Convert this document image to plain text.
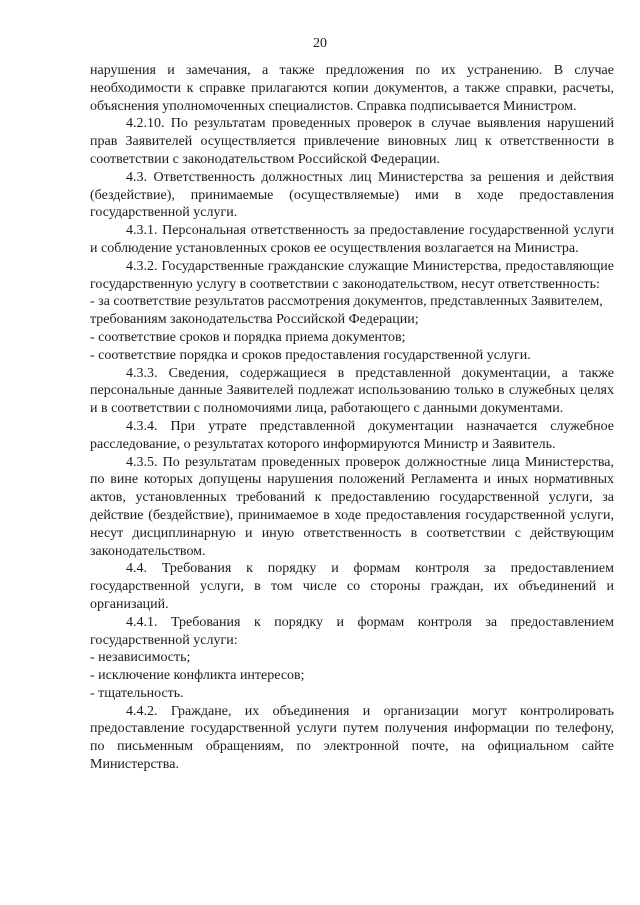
20

нарушения и замечания, а также предложения по их устранению. В случае необходимости к справке прилагаются копии документов, а также справки, расчеты, объяснения уполномоченных специалистов. Справка подписывается Министром.

4.2.10. По результатам проведенных проверок в случае выявления нарушений прав Заявителей осуществляется привлечение виновных лиц к ответственности в соответствии с законодательством Российской Федерации.

4.3. Ответственность должностных лиц Министерства за решения и действия (бездействие), принимаемые (осуществляемые) ими в ходе предоставления государственной услуги.

4.3.1. Персональная ответственность за предоставление государственной услуги и соблюдение установленных сроков ее осуществления возлагается на Министра.

4.3.2. Государственные гражданские служащие Министерства, предоставляющие государственную услугу в соответствии с законодательством, несут ответственность:

- за соответствие результатов рассмотрения документов, представленных Заявителем, требованиям законодательства Российской Федерации;

- соответствие сроков и порядка приема документов;

- соответствие порядка и сроков предоставления государственной услуги.

4.3.3. Сведения, содержащиеся в представленной документации, а также персональные данные Заявителей подлежат использованию только в служебных целях и в соответствии с полномочиями лица, работающего с данными документами.

4.3.4. При утрате представленной документации назначается служебное расследование, о результатах которого информируются Министр и Заявитель.

4.3.5. По результатам проведенных проверок должностные лица Министерства, по вине которых допущены нарушения положений Регламента и иных нормативных актов, установленных требований к предоставлению государственной услуги, за действие (бездействие), принимаемое в ходе предоставления государственной услуги, несут дисциплинарную и иную ответственность в соответствии с действующим законодательством.

4.4. Требования к порядку и формам контроля за предоставлением государственной услуги, в том числе со стороны граждан, их объединений и организаций.

4.4.1. Требования к порядку и формам контроля за предоставлением государственной услуги:

- независимость;

- исключение конфликта интересов;

- тщательность.

4.4.2. Граждане, их объединения и организации могут контролировать предоставление государственной услуги путем получения информации по телефону, по письменным обращениям, по электронной почте, на официальном сайте Министерства.
